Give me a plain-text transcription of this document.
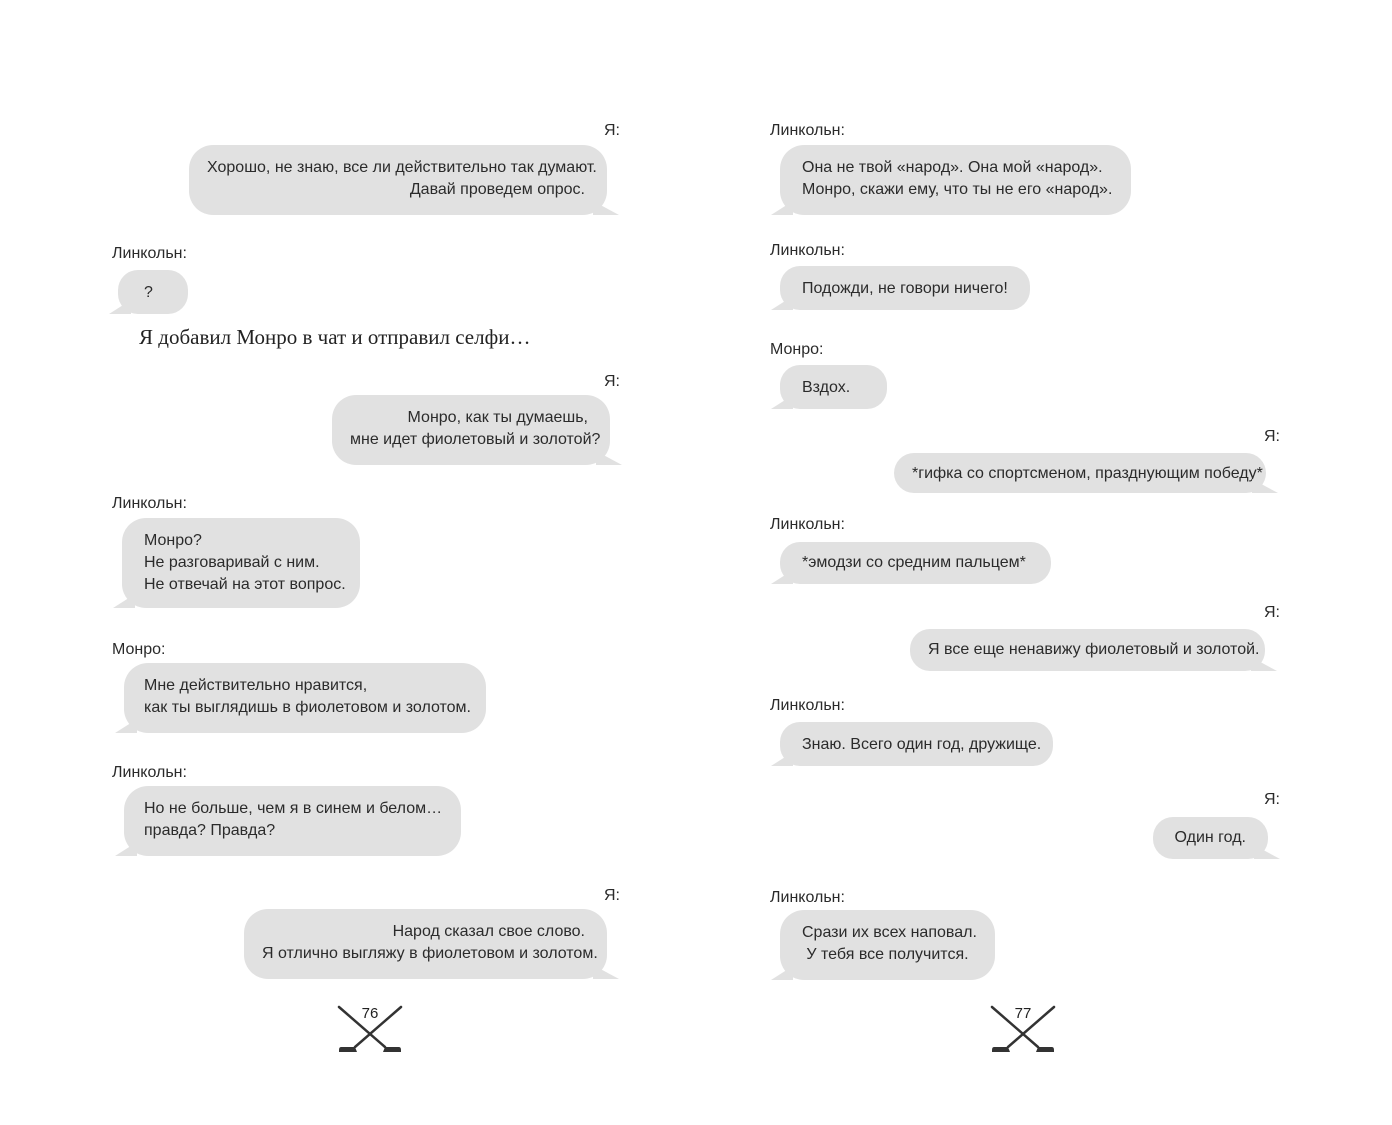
Я:
Хорошо, не знаю, все ли действительно так думают.
Давай проведем опрос.
Линкольн:
?
Я добавил Монро в чат и отправил селфи…
Я:
Монро, как ты думаешь,
мне идет фиолетовый и золотой?
Линкольн:
Монро?
Не разговаривай с ним.
Не отвечай на этот вопрос.
Монро:
Мне действительно нравится,
как ты выглядишь в фиолетовом и золотом.
Линкольн:
Но не больше, чем я в синем и белом…
правда? Правда?
Я:
Народ сказал свое слово.
Я отлично выгляжу в фиолетовом и золотом.
76
Линкольн:
Она не твой «народ». Она мой «народ».
Монро, скажи ему, что ты не его «народ».
Линкольн:
Подожди, не говори ничего!
Монро:
Вздох.
Я:
*гифка со спортсменом, празднующим победу*
Линкольн:
*эмодзи со средним пальцем*
Я:
Я все еще ненавижу фиолетовый и золотой.
Линкольн:
Знаю. Всего один год, дружище.
Я:
Один год.
Линкольн:
Срази их всех наповал.
У тебя все получится.
77
